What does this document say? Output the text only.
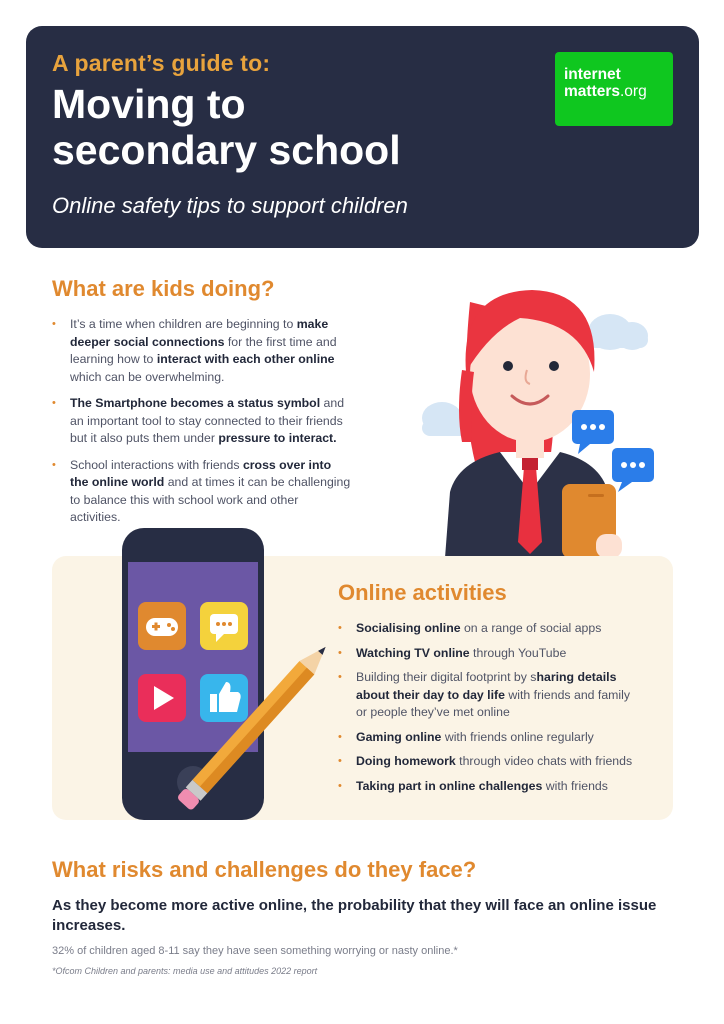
A parent’s guide to:
Moving to
secondary school
Online safety tips to support children
internet
matters.org
What are kids doing?
• It’s a time when children are beginning to make deeper social connections for the first time and learning how to interact with each other online which can be overwhelming.
• The Smartphone becomes a status symbol and an important tool to stay connected to their friends but it also puts them under pressure to interact.
• School interactions with friends cross over into the online world and at times it can be challenging to balance this with school work and other activities.
Online activities
• Socialising online on a range of social apps
• Watching TV online through YouTube
• Building their digital footprint by sharing details about their day to day life with friends and family or people they’ve met online
• Gaming online with friends online regularly
• Doing homework through video chats with friends
• Taking part in online challenges with friends
What risks and challenges do they face?
As they become more active online, the probability that they will face an online issue increases.
32% of children aged 8-11 say they have seen something worrying or nasty online.*
*Ofcom Children and parents: media use and attitudes 2022 report
